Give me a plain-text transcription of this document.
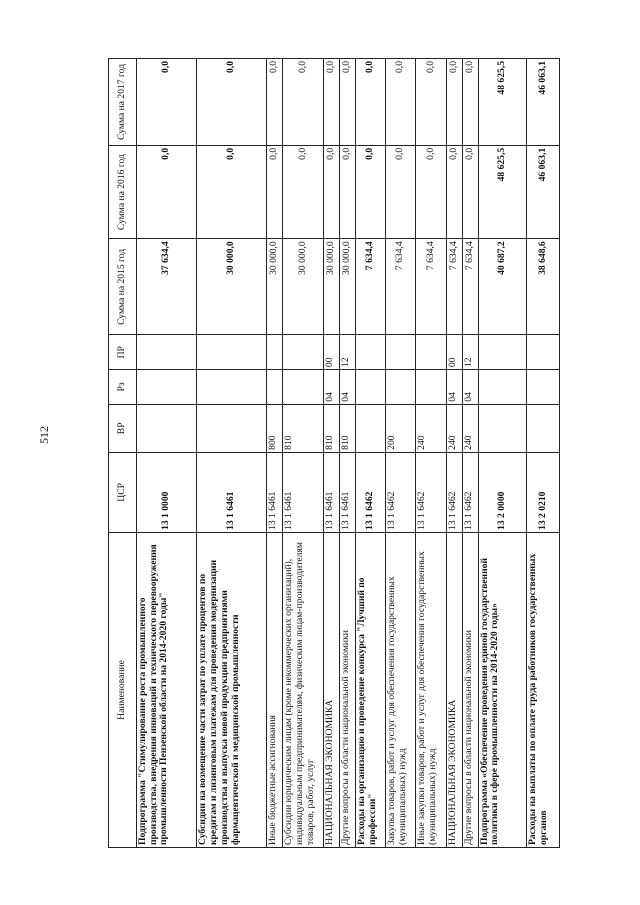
512
Наименование	ЦСР	ВР	Рз	ПР	Сумма на 2015 год	Сумма на 2016 год	Сумма на 2017 год
Подпрограмма "Стимулирование роста промышленного производства, внедрения инноваций и технического перевооружения промышленности Пензенской области на 2014-2020 годы"	13 1 0000				37 634,4	0,0	0,0
Субсидии на возмещение части затрат по уплате процентов по кредитам и лизинговым платежам для проведения модернизации производства и выпуска новой продукции предприятиями фармацевтической и медицинской промышленности	13 1 6461				30 000,0	0,0	0,0
Иные бюджетные ассигнования	13 1 6461	800			30 000,0	0,0	0,0
Субсидии юридическим лицам (кроме некоммерческих организаций), индивидуальным предпринимателям, физическим лицам-производителям товаров, работ, услуг	13 1 6461	810			30 000,0	0,0	0,0
НАЦИОНАЛЬНАЯ ЭКОНОМИКА	13 1 6461	810	04	00	30 000,0	0,0	0,0
Другие вопросы в области национальной экономики	13 1 6461	810	04	12	30 000,0	0,0	0,0
Расходы на организацию и проведение конкурса "Лучший по профессии"	13 1 6462				7 634,4	0,0	0,0
Закупка товаров, работ и услуг для обеспечения государственных (муниципальных) нужд	13 1 6462	200			7 634,4	0,0	0,0
Иные закупки товаров, работ и услуг для обеспечения государственных (муниципальных) нужд	13 1 6462	240			7 634,4	0,0	0,0
НАЦИОНАЛЬНАЯ ЭКОНОМИКА	13 1 6462	240	04	00	7 634,4	0,0	0,0
Другие вопросы в области национальной экономики	13 1 6462	240	04	12	7 634,4	0,0	0,0
Подпрограмма «Обеспечение проведения единой государственной политики в сфере промышленности на 2014-2020 годы»	13 2 0000				40 687,2	48 625,5	48 625,5
Расходы на выплаты по оплате труда работников государственных органов	13 2 0210				38 648,6	46 063,1	46 063,1
